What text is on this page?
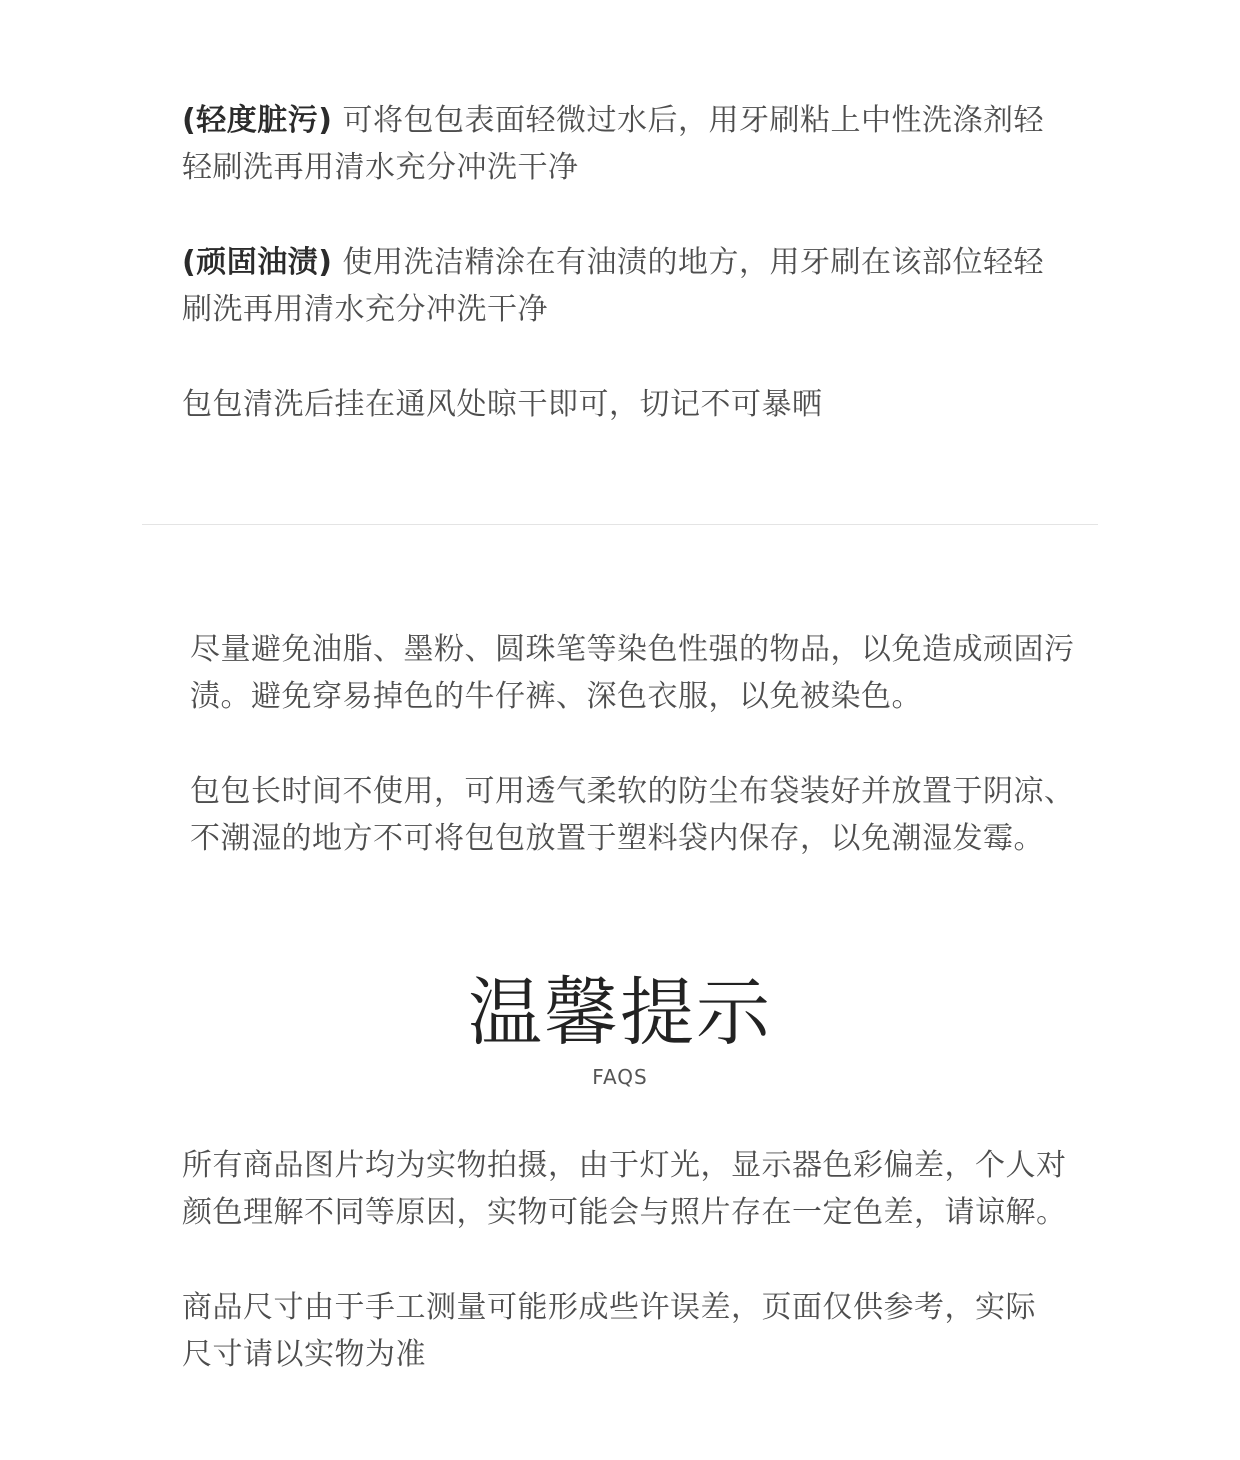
(轻度脏污) 可将包包表面轻微过水后，用牙刷粘上中性洗涤剂轻轻刷洗再用清水充分冲洗干净
(顽固油渍) 使用洗洁精涂在有油渍的地方，用牙刷在该部位轻轻刷洗再用清水充分冲洗干净
包包清洗后挂在通风处晾干即可，切记不可暴晒
尽量避免油脂、墨粉、圆珠笔等染色性强的物品，以免造成顽固污渍。避免穿易掉色的牛仔裤、深色衣服，以免被染色。
包包长时间不使用，可用透气柔软的防尘布袋装好并放置于阴凉、不潮湿的地方不可将包包放置于塑料袋内保存，以免潮湿发霉。
温馨提示
FAQS
所有商品图片均为实物拍摄，由于灯光，显示器色彩偏差，个人对颜色理解不同等原因，实物可能会与照片存在一定色差，请谅解。
商品尺寸由于手工测量可能形成些许误差，页面仅供参考，实际尺寸请以实物为准
